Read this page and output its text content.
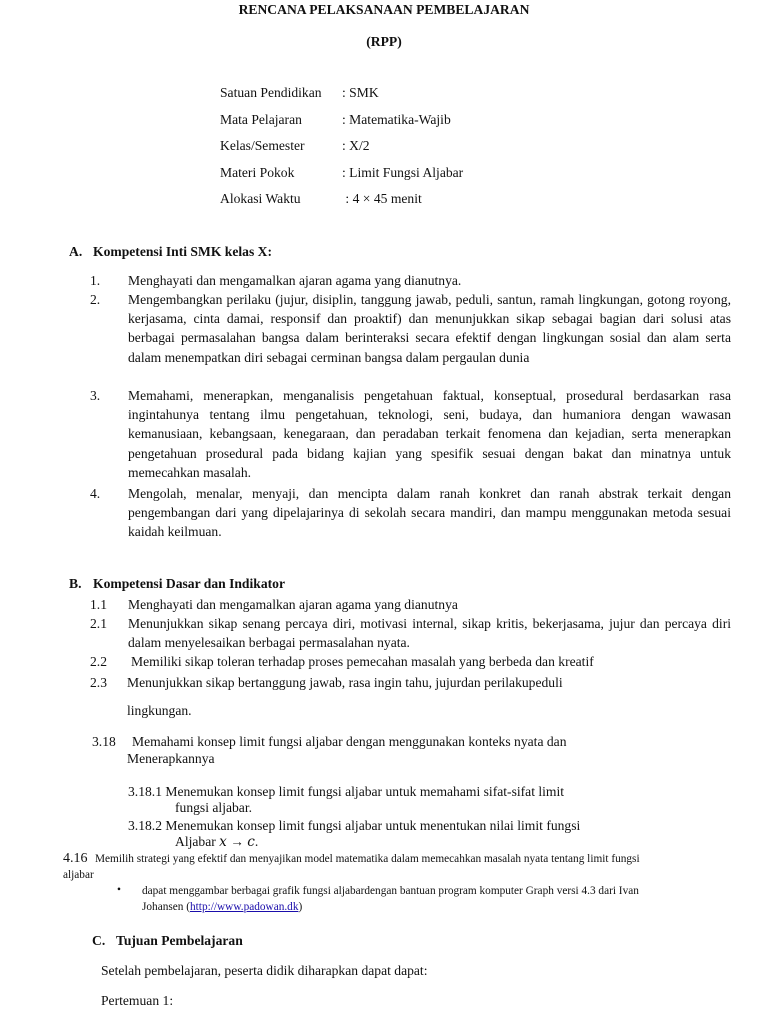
RENCANA PELAKSANAAN PEMBELAJARAN
(RPP)
Satuan Pendidikan : SMK
Mata Pelajaran	: Matematika-Wajib
Kelas/Semester	: X/2
Materi Pokok	: Limit Fungsi Aljabar
Alokasi Waktu	: 4 × 45 menit
A. Kompetensi Inti SMK kelas X:
1. Menghayati dan mengamalkan ajaran agama yang dianutnya.
2. Mengembangkan perilaku (jujur, disiplin, tanggung jawab, peduli, santun, ramah lingkungan, gotong royong, kerjasama, cinta damai, responsif dan proaktif) dan menunjukkan sikap sebagai bagian dari solusi atas berbagai permasalahan bangsa dalam berinteraksi secara efektif dengan lingkungan sosial dan alam serta dalam menempatkan diri sebagai cerminan bangsa dalam pergaulan dunia
3. Memahami, menerapkan, menganalisis pengetahuan faktual, konseptual, prosedural berdasarkan rasa ingintahunya tentang ilmu pengetahuan, teknologi, seni, budaya, dan humaniora dengan wawasan kemanusiaan, kebangsaan, kenegaraan, dan peradaban terkait fenomena dan kejadian, serta menerapkan pengetahuan prosedural pada bidang kajian yang spesifik sesuai dengan bakat dan minatnya untuk memecahkan masalah.
4. Mengolah, menalar, menyaji, dan mencipta dalam ranah konkret dan ranah abstrak terkait dengan pengembangan dari yang dipelajarinya di sekolah secara mandiri, dan mampu menggunakan metoda sesuai kaidah keilmuan.
B. Kompetensi Dasar dan Indikator
1.1 Menghayati dan mengamalkan ajaran agama yang dianutnya
2.1 Menunjukkan sikap senang percaya diri, motivasi internal, sikap kritis, bekerjasama, jujur dan percaya diri dalam menyelesaikan berbagai permasalahan nyata.
2.2 Memiliki sikap toleran terhadap proses pemecahan masalah yang berbeda dan kreatif
2.3 Menunjukkan sikap bertanggung jawab, rasa ingin tahu, jujurdan perilakupeduli
lingkungan.
3.18 Memahami konsep limit fungsi aljabar dengan menggunakan konteks nyata dan
Menerapkannya
3.18.1 Menemukan konsep limit fungsi aljabar untuk memahami sifat-sifat limit
fungsi aljabar.
3.18.2 Menemukan konsep limit fungsi aljabar untuk menentukan nilai limit fungsi
Aljabar 𝑥 → 𝑐.
4.16 Memilih strategi yang efektif dan menyajikan model matematika dalam memecahkan masalah nyata tentang limit fungsi
aljabar
• dapat menggambar berbagai grafik fungsi aljabardengan bantuan program komputer Graph versi 4.3 dari Ivan
Johansen (http://www.padowan.dk)
C. Tujuan Pembelajaran
Setelah pembelajaran, peserta didik diharapkan dapat dapat:
Pertemuan 1:
